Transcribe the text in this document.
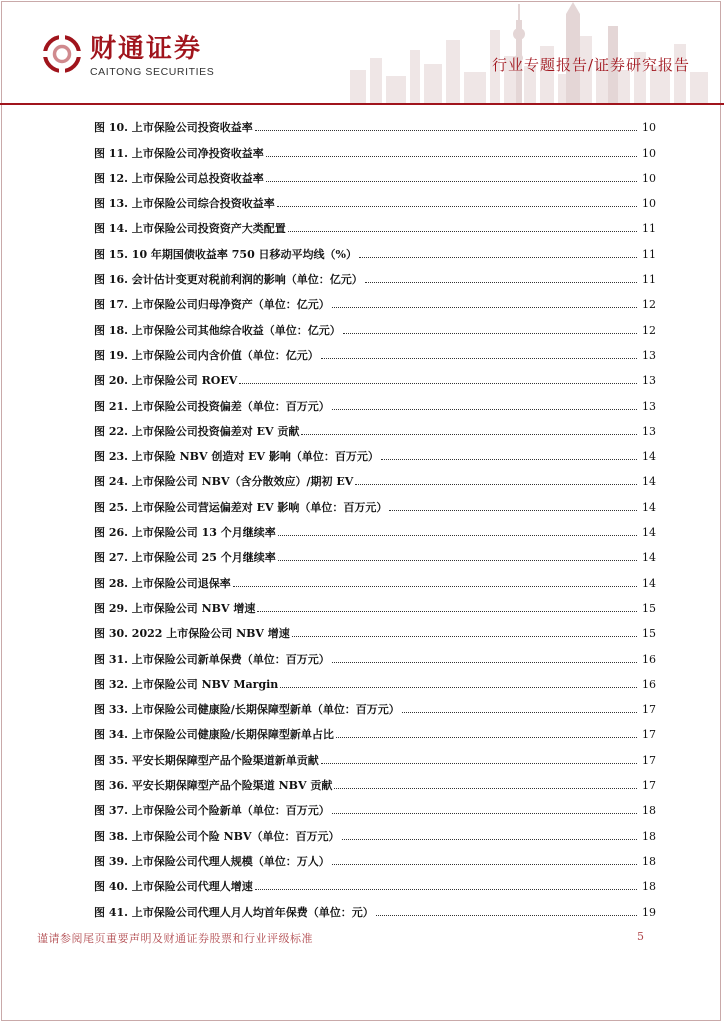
财通证券
CAITONG SECURITIES	行业专题报告/证券研究报告
图 10. 上市保险公司投资收益率	10
图 11. 上市保险公司净投资收益率	10
图 12. 上市保险公司总投资收益率	10
图 13. 上市保险公司综合投资收益率	10
图 14. 上市保险公司投资资产大类配置	11
图 15. 10 年期国债收益率 750 日移动平均线（%）	11
图 16. 会计估计变更对税前利润的影响（单位：亿元）	11
图 17. 上市保险公司归母净资产（单位：亿元）	12
图 18. 上市保险公司其他综合收益（单位：亿元）	12
图 19. 上市保险公司内含价值（单位：亿元）	13
图 20. 上市保险公司 ROEV	13
图 21. 上市保险公司投资偏差（单位：百万元）	13
图 22. 上市保险公司投资偏差对 EV 贡献	13
图 23. 上市保险 NBV 创造对 EV 影响（单位：百万元）	14
图 24. 上市保险公司 NBV（含分散效应）/期初 EV	14
图 25. 上市保险公司营运偏差对 EV 影响（单位：百万元）	14
图 26. 上市保险公司 13 个月继续率	14
图 27. 上市保险公司 25 个月继续率	14
图 28. 上市保险公司退保率	14
图 29. 上市保险公司 NBV 增速	15
图 30. 2022 上市保险公司 NBV 增速	15
图 31. 上市保险公司新单保费（单位：百万元）	16
图 32. 上市保险公司 NBV Margin	16
图 33. 上市保险公司健康险/长期保障型新单（单位：百万元）	17
图 34. 上市保险公司健康险/长期保障型新单占比	17
图 35. 平安长期保障型产品个险渠道新单贡献	17
图 36. 平安长期保障型产品个险渠道 NBV 贡献	17
图 37. 上市保险公司个险新单（单位：百万元）	18
图 38. 上市保险公司个险 NBV（单位：百万元）	18
图 39. 上市保险公司代理人规模（单位：万人）	18
图 40. 上市保险公司代理人增速	18
图 41. 上市保险公司代理人月人均首年保费（单位：元）	19
谨请参阅尾页重要声明及财通证券股票和行业评级标准	5
